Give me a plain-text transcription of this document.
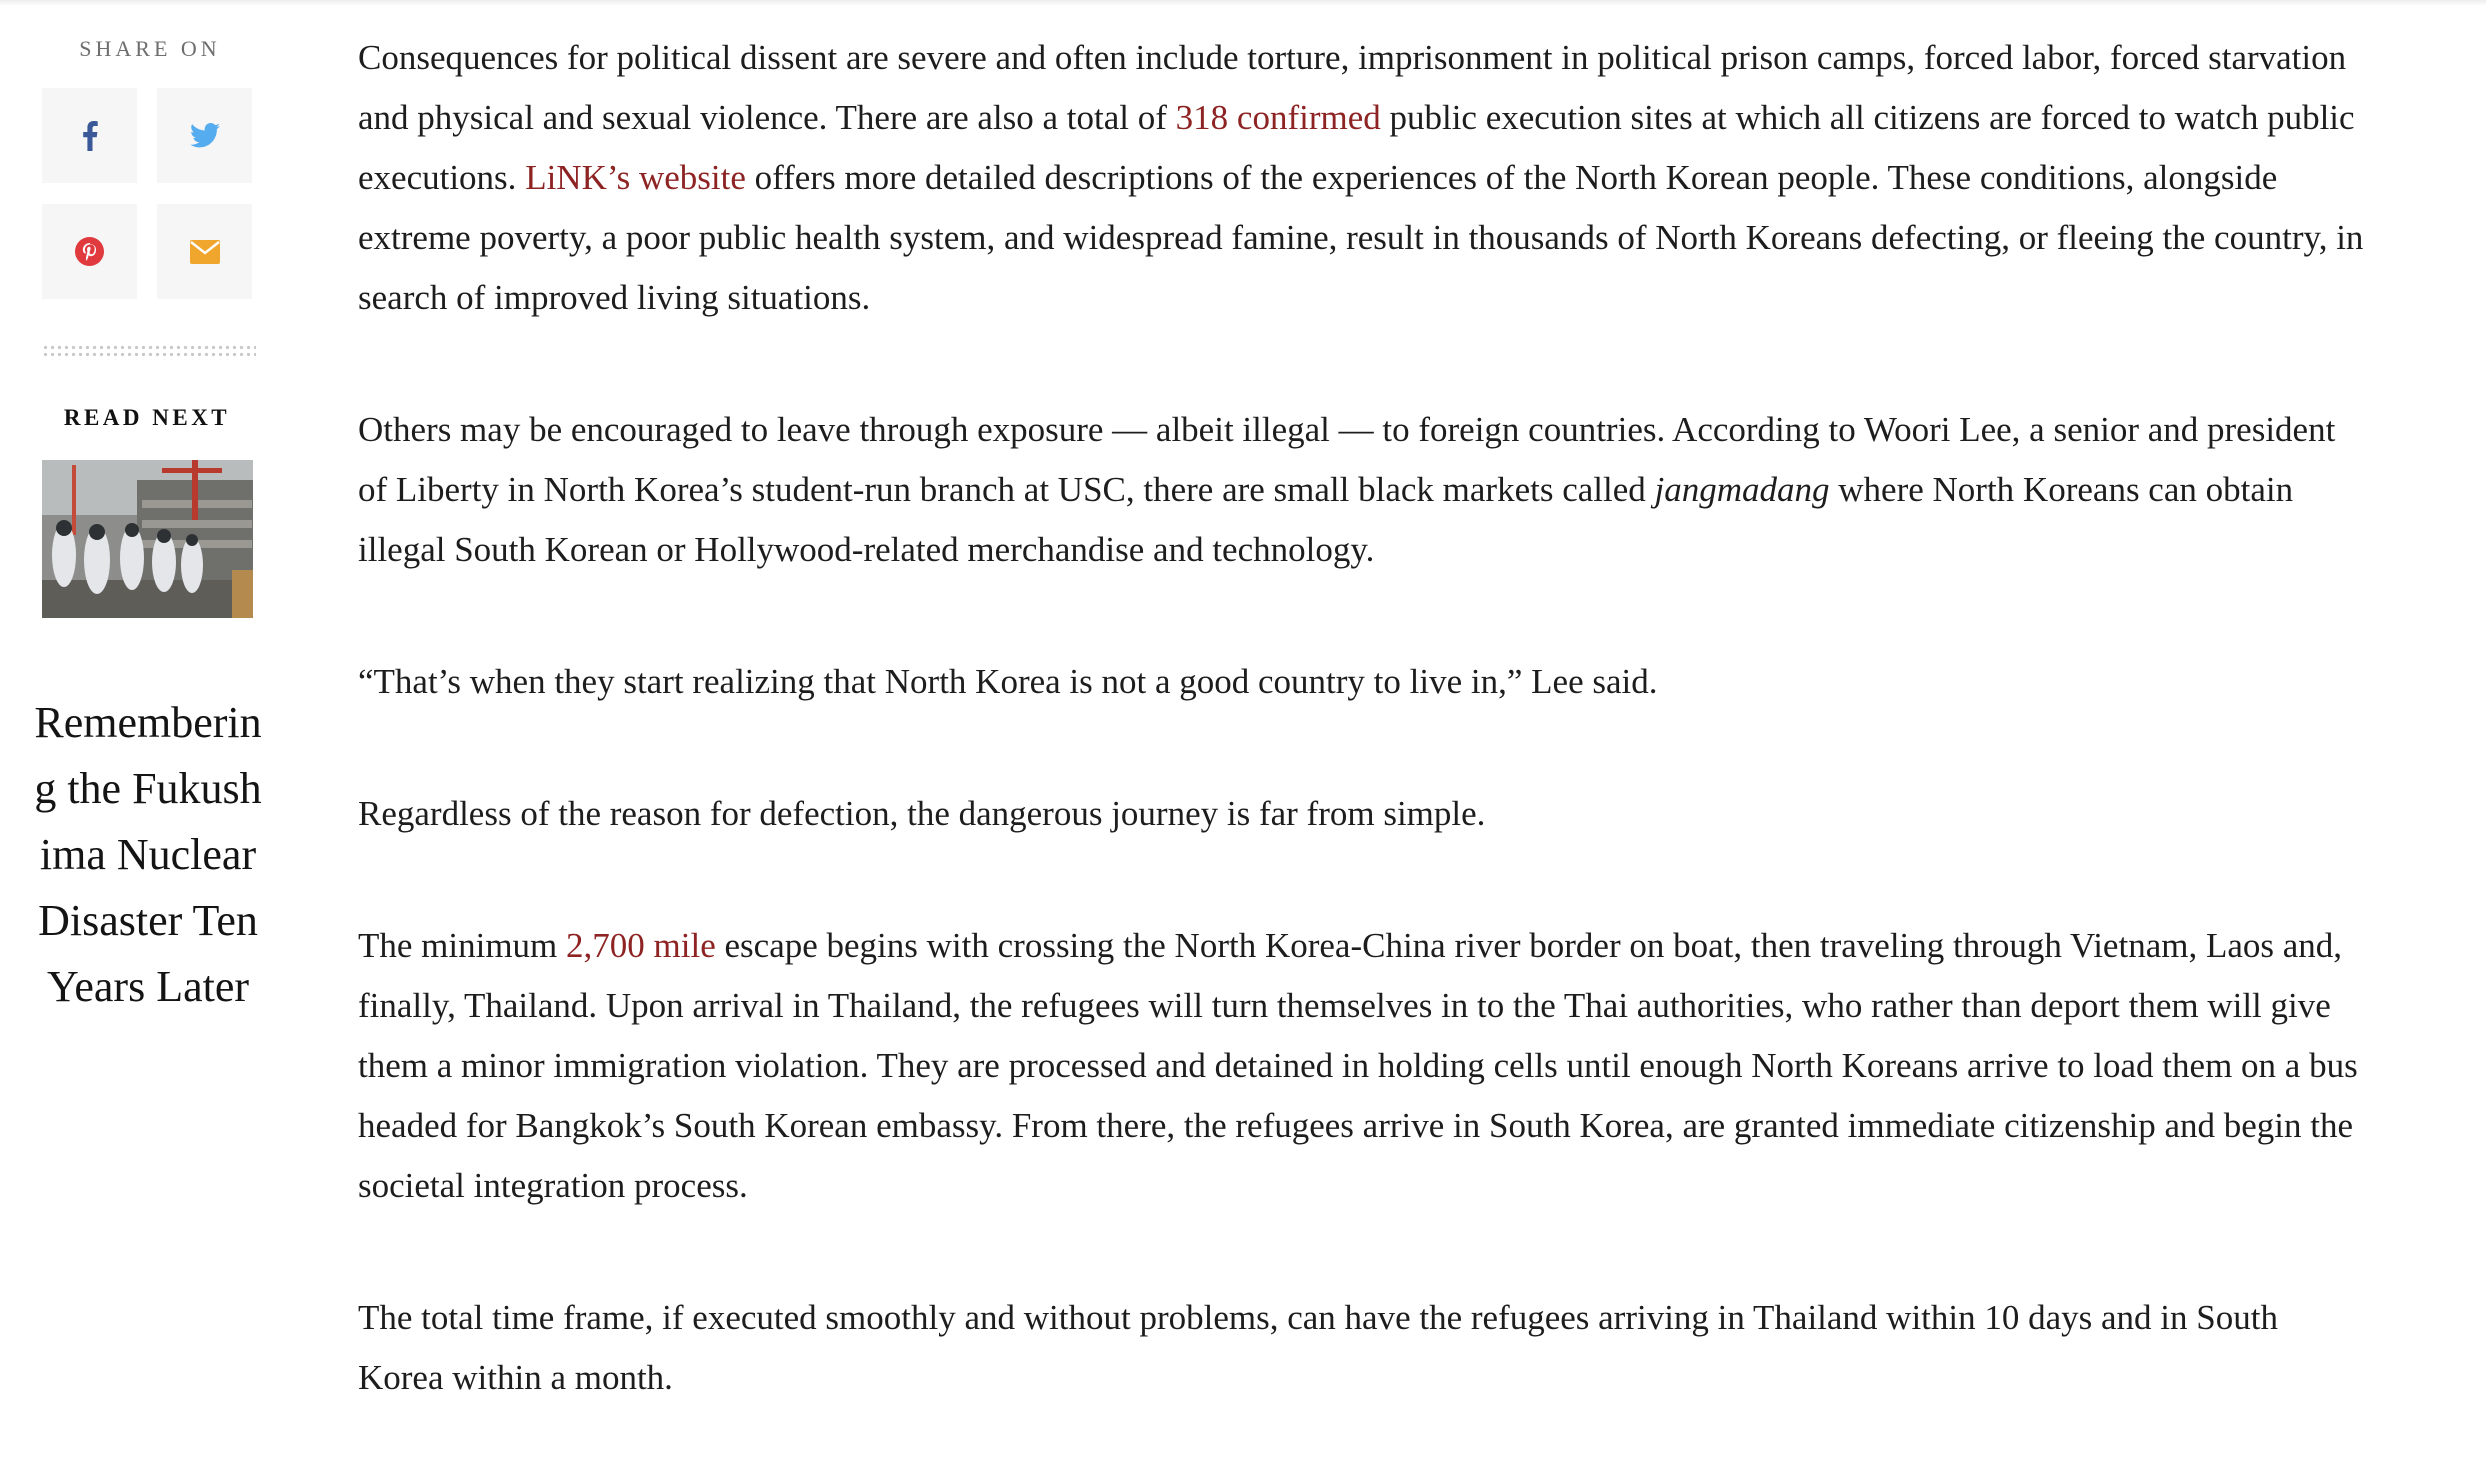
SHARE ON
READ NEXT
Remembering the Fukushima Nuclear Disaster Ten Years Later

Consequences for political dissent are severe and often include torture, imprisonment in political prison camps, forced labor, forced starvation and physical and sexual violence. There are also a total of 318 confirmed public execution sites at which all citizens are forced to watch public executions. LiNK’s website offers more detailed descriptions of the experiences of the North Korean people. These conditions, alongside extreme poverty, a poor public health system, and widespread famine, result in thousands of North Koreans defecting, or fleeing the country, in search of improved living situations.

Others may be encouraged to leave through exposure — albeit illegal — to foreign countries. According to Woori Lee, a senior and president of Liberty in North Korea’s student-run branch at USC, there are small black markets called jangmadang where North Koreans can obtain illegal South Korean or Hollywood-related merchandise and technology.

“That’s when they start realizing that North Korea is not a good country to live in,” Lee said.

Regardless of the reason for defection, the dangerous journey is far from simple.

The minimum 2,700 mile escape begins with crossing the North Korea-China river border on boat, then traveling through Vietnam, Laos and, finally, Thailand. Upon arrival in Thailand, the refugees will turn themselves in to the Thai authorities, who rather than deport them will give them a minor immigration violation. They are processed and detained in holding cells until enough North Koreans arrive to load them on a bus headed for Bangkok’s South Korean embassy. From there, the refugees arrive in South Korea, are granted immediate citizenship and begin the societal integration process.

The total time frame, if executed smoothly and without problems, can have the refugees arriving in Thailand within 10 days and in South Korea within a month.
